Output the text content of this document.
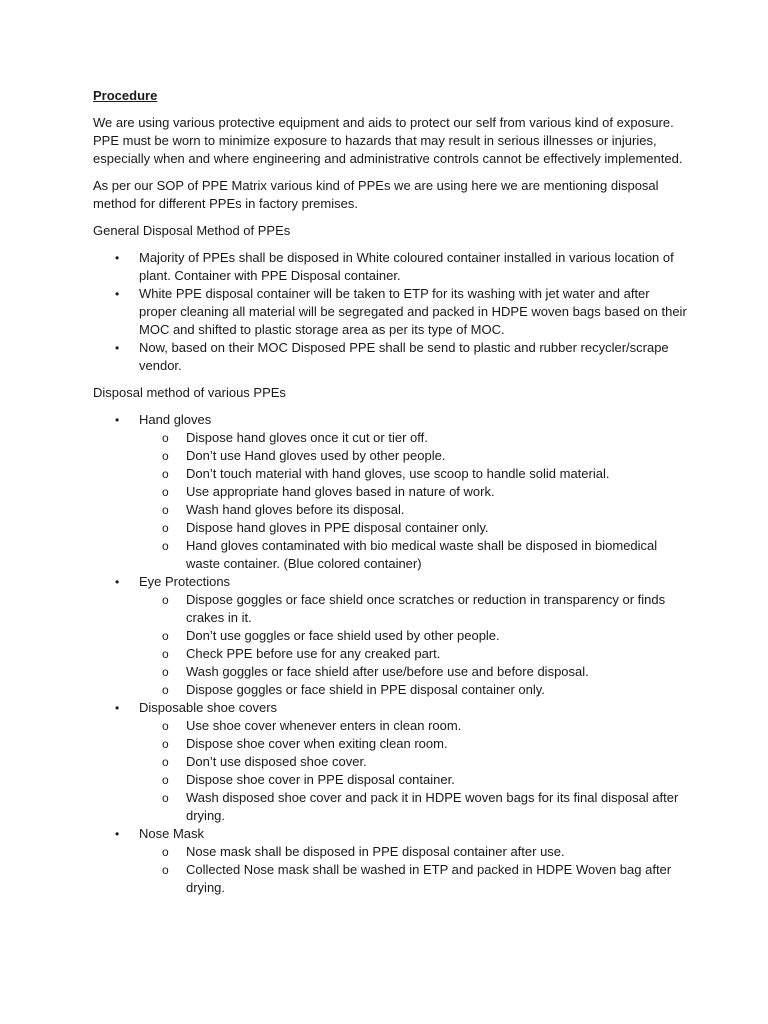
Procedure
We are using various protective equipment and aids to protect our self from various kind of exposure. PPE must be worn to minimize exposure to hazards that may result in serious illnesses or injuries, especially when and where engineering and administrative controls cannot be effectively implemented.
As per our SOP of PPE Matrix various kind of PPEs we are using here we are mentioning disposal method for different PPEs in factory premises.
General Disposal Method of PPEs
• Majority of PPEs shall be disposed in White coloured container installed in various location of plant. Container with PPE Disposal container.
• White PPE disposal container will be taken to ETP for its washing with jet water and after proper cleaning all material will be segregated and packed in HDPE woven bags based on their MOC and shifted to plastic storage area as per its type of MOC.
• Now, based on their MOC Disposed PPE shall be send to plastic and rubber recycler/scrape vendor.
Disposal method of various PPEs
• Hand gloves
o Dispose hand gloves once it cut or tier off.
o Don’t use Hand gloves used by other people.
o Don’t touch material with hand gloves, use scoop to handle solid material.
o Use appropriate hand gloves based in nature of work.
o Wash hand gloves before its disposal.
o Dispose hand gloves in PPE disposal container only.
o Hand gloves contaminated with bio medical waste shall be disposed in biomedical waste container. (Blue colored container)
• Eye Protections
o Dispose goggles or face shield once scratches or reduction in transparency or finds crakes in it.
o Don’t use goggles or face shield used by other people.
o Check PPE before use for any creaked part.
o Wash goggles or face shield after use/before use and before disposal.
o Dispose goggles or face shield in PPE disposal container only.
• Disposable shoe covers
o Use shoe cover whenever enters in clean room.
o Dispose shoe cover when exiting clean room.
o Don’t use disposed shoe cover.
o Dispose shoe cover in PPE disposal container.
o Wash disposed shoe cover and pack it in HDPE woven bags for its final disposal after drying.
• Nose Mask
o Nose mask shall be disposed in PPE disposal container after use.
o Collected Nose mask shall be washed in ETP and packed in HDPE Woven bag after drying.
